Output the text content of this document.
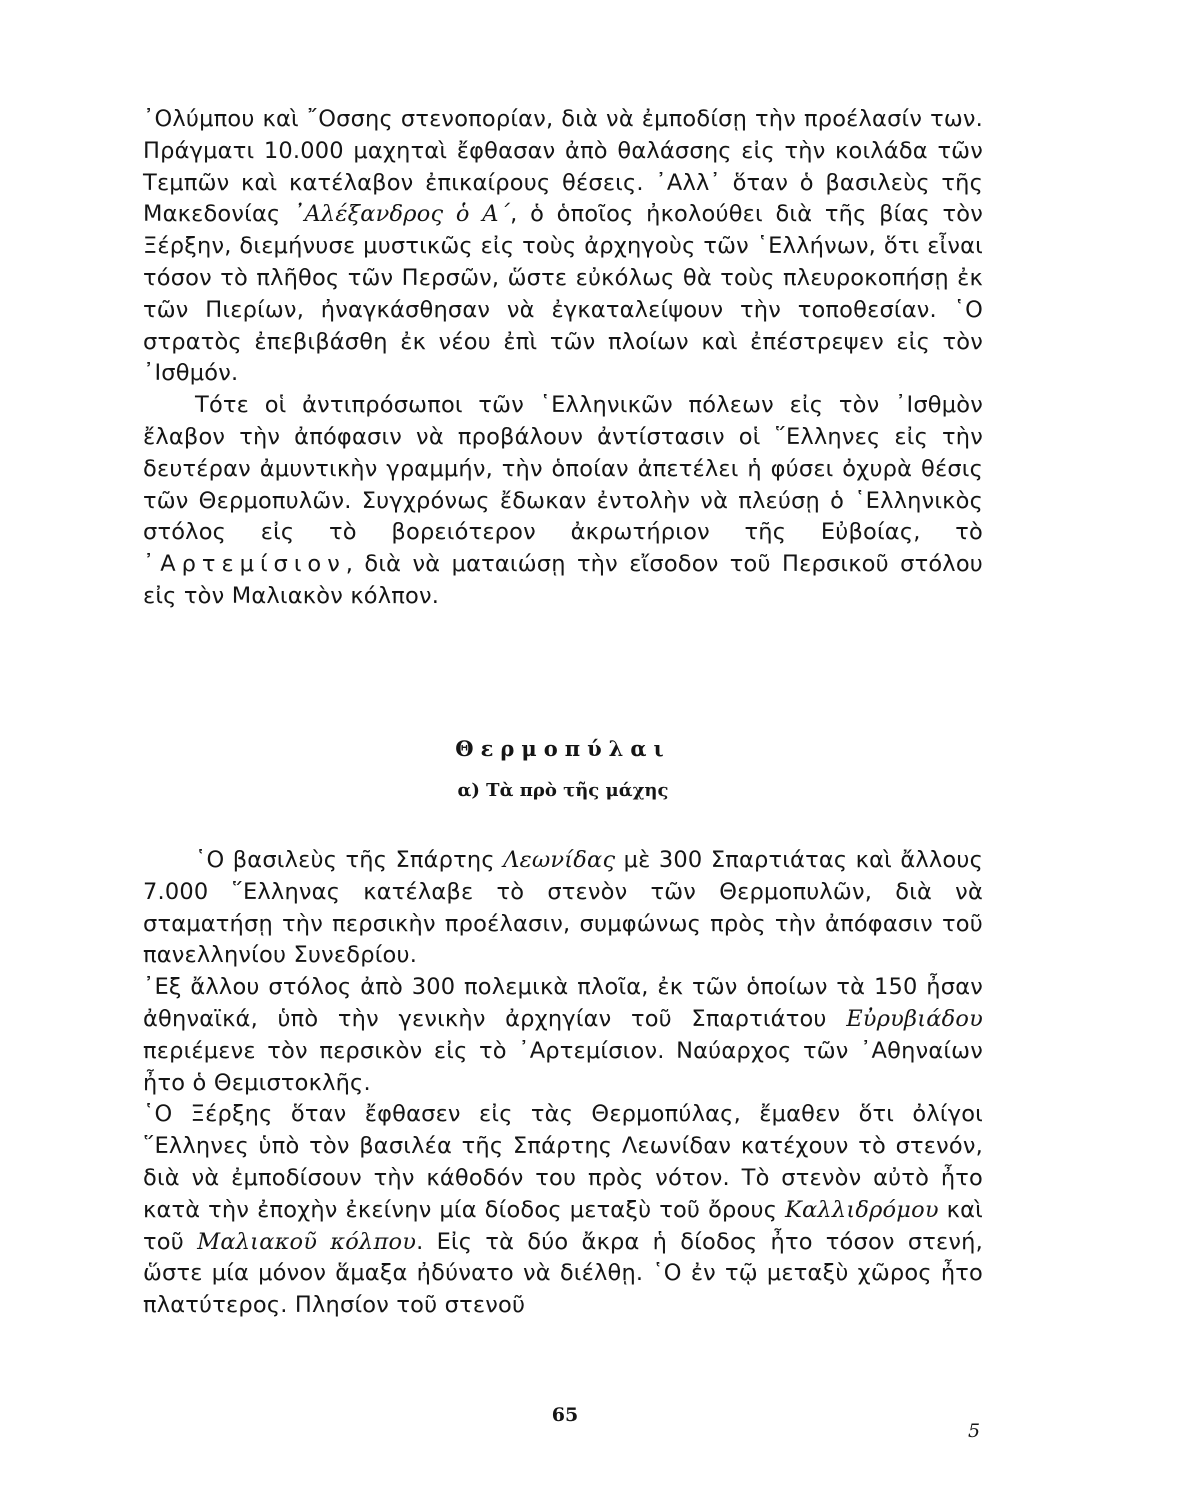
᾿Ολύμπου καὶ ῎Οσσης στενοπορίαν, διὰ νὰ ἐμποδίσῃ τὴν προέλασίν των. Πράγματι 10.000 μαχηταὶ ἔφθασαν ἀπὸ θαλάσσης εἰς τὴν κοιλάδα τῶν Τεμπῶν καὶ κατέλαβον ἐπικαίρους θέσεις. ᾿Αλλ᾿ ὅταν ὁ βασιλεὺς τῆς Μακεδονίας ᾿Αλέξανδρος ὁ Α΄, ὁ ὁποῖος ἠκολούθει διὰ τῆς βίας τὸν Ξέρξην, διεμήνυσε μυστικῶς εἰς τοὺς ἀρχηγοὺς τῶν ῾Ελλήνων, ὅτι εἶναι τόσον τὸ πλῆθος τῶν Περσῶν, ὥστε εὐκόλως θὰ τοὺς πλευροκοπήσῃ ἐκ τῶν Πιερίων, ἠναγκάσθησαν νὰ ἐγκαταλείψουν τὴν τοποθεσίαν. ῾Ο στρατὸς ἐπεβιβάσθη ἐκ νέου ἐπὶ τῶν πλοίων καὶ ἐπέστρεψεν εἰς τὸν ᾿Ισθμόν.

Τότε οἱ ἀντιπρόσωποι τῶν ῾Ελληνικῶν πόλεων εἰς τὸν ᾿Ισθμὸν ἔλαβον τὴν ἀπόφασιν νὰ προβάλουν ἀντίστασιν οἱ ῞Ελληνες εἰς τὴν δευτέραν ἀμυντικὴν γραμμήν, τὴν ὁποίαν ἀπετέλει ἡ φύσει ὀχυρὰ θέσις τῶν Θερμοπυλῶν. Συγχρόνως ἔδωκαν ἐντολὴν νὰ πλεύσῃ ὁ ῾Ελληνικὸς στόλος εἰς τὸ βορειότερον ἀκρωτήριον τῆς Εὐβοίας, τὸ ᾿Αρτεμίσιον, διὰ νὰ ματαιώσῃ τὴν εἴσοδον τοῦ Περσικοῦ στόλου εἰς τὸν Μαλιακὸν κόλπον.

Θερμοπύλαι
α) Τὰ πρὸ τῆς μάχης

῾Ο βασιλεὺς τῆς Σπάρτης Λεωνίδας μὲ 300 Σπαρτιάτας καὶ ἄλλους 7.000 ῞Ελληνας κατέλαβε τὸ στενὸν τῶν Θερμοπυλῶν, διὰ νὰ σταματήσῃ τὴν περσικὴν προέλασιν, συμφώνως πρὸς τὴν ἀπόφασιν τοῦ πανελληνίου Συνεδρίου.

᾿Εξ ἄλλου στόλος ἀπὸ 300 πολεμικὰ πλοῖα, ἐκ τῶν ὁποίων τὰ 150 ἦσαν ἀθηναϊκά, ὑπὸ τὴν γενικὴν ἀρχηγίαν τοῦ Σπαρτιάτου Εὐρυβιάδου περιέμενε τὸν περσικὸν εἰς τὸ ᾿Αρτεμίσιον. Ναύαρχος τῶν ᾿Αθηναίων ἦτο ὁ Θεμιστοκλῆς.

῾Ο Ξέρξης ὅταν ἔφθασεν εἰς τὰς Θερμοπύλας, ἔμαθεν ὅτι ὀλίγοι ῞Ελληνες ὑπὸ τὸν βασιλέα τῆς Σπάρτης Λεωνίδαν κατέχουν τὸ στενόν, διὰ νὰ ἐμποδίσουν τὴν κάθοδόν του πρὸς νότον. Τὸ στενὸν αὐτὸ ἦτο κατὰ τὴν ἐποχὴν ἐκείνην μία δίοδος μεταξὺ τοῦ ὄρους Καλλιδρόμου καὶ τοῦ Μαλιακοῦ κόλπου. Εἰς τὰ δύο ἄκρα ἡ δίοδος ἦτο τόσον στενή, ὥστε μία μόνον ἅμαξα ἠδύνατο νὰ διέλθῃ. ῾Ο ἐν τῷ μεταξὺ χῶρος ἦτο πλατύτερος. Πλησίον τοῦ στενοῦ

65
5
